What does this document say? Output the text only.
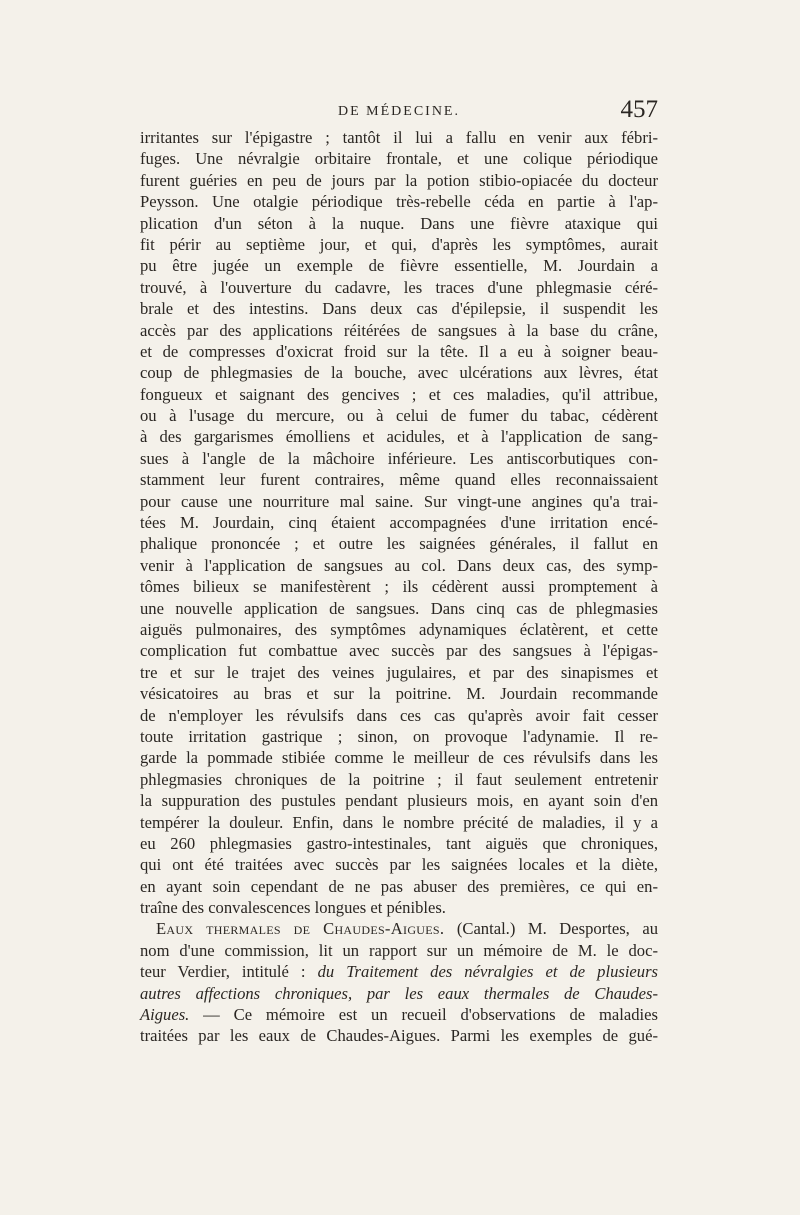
DE MÉDECINE.	457
irritantes sur l'épigastre ; tantôt il lui a fallu en venir aux fébri-
fuges. Une névralgie orbitaire frontale, et une colique périodique
furent guéries en peu de jours par la potion stibio-opiacée du docteur
Peysson. Une otalgie périodique très-rebelle céda en partie à l'ap-
plication d'un séton à la nuque. Dans une fièvre ataxique qui
fit périr au septième jour, et qui, d'après les symptômes, aurait
pu être jugée un exemple de fièvre essentielle, M. Jourdain a
trouvé, à l'ouverture du cadavre, les traces d'une phlegmasie céré-
brale et des intestins. Dans deux cas d'épilepsie, il suspendit les
accès par des applications réitérées de sangsues à la base du crâne,
et de compresses d'oxicrat froid sur la tête. Il a eu à soigner beau-
coup de phlegmasies de la bouche, avec ulcérations aux lèvres, état
fongueux et saignant des gencives ; et ces maladies, qu'il attribue,
ou à l'usage du mercure, ou à celui de fumer du tabac, cédèrent
à des gargarismes émolliens et acidules, et à l'application de sang-
sues à l'angle de la mâchoire inférieure. Les antiscorbutiques con-
stamment leur furent contraires, même quand elles reconnaissaient
pour cause une nourriture mal saine. Sur vingt-une angines qu'a trai-
tées M. Jourdain, cinq étaient accompagnées d'une irritation encé-
phalique prononcée ; et outre les saignées générales, il fallut en
venir à l'application de sangsues au col. Dans deux cas, des symp-
tômes bilieux se manifestèrent ; ils cédèrent aussi promptement à
une nouvelle application de sangsues. Dans cinq cas de phlegmasies
aiguës pulmonaires, des symptômes adynamiques éclatèrent, et cette
complication fut combattue avec succès par des sangsues à l'épigas-
tre et sur le trajet des veines jugulaires, et par des sinapismes et
vésicatoires au bras et sur la poitrine. M. Jourdain recommande
de n'employer les révulsifs dans ces cas qu'après avoir fait cesser
toute irritation gastrique ; sinon, on provoque l'adynamie. Il re-
garde la pommade stibiée comme le meilleur de ces révulsifs dans les
phlegmasies chroniques de la poitrine ; il faut seulement entretenir
la suppuration des pustules pendant plusieurs mois, en ayant soin d'en
tempérer la douleur. Enfin, dans le nombre précité de maladies, il y a
eu 260 phlegmasies gastro-intestinales, tant aiguës que chroniques,
qui ont été traitées avec succès par les saignées locales et la diète,
en ayant soin cependant de ne pas abuser des premières, ce qui en-
traîne des convalescences longues et pénibles.
Eaux thermales de Chaudes-Aigues. (Cantal.) M. Desportes, au
nom d'une commission, lit un rapport sur un mémoire de M. le doc-
teur Verdier, intitulé : du Traitement des névralgies et de plusieurs
autres affections chroniques, par les eaux thermales de Chaudes-
Aigues. — Ce mémoire est un recueil d'observations de maladies
traitées par les eaux de Chaudes-Aigues. Parmi les exemples de gué-
